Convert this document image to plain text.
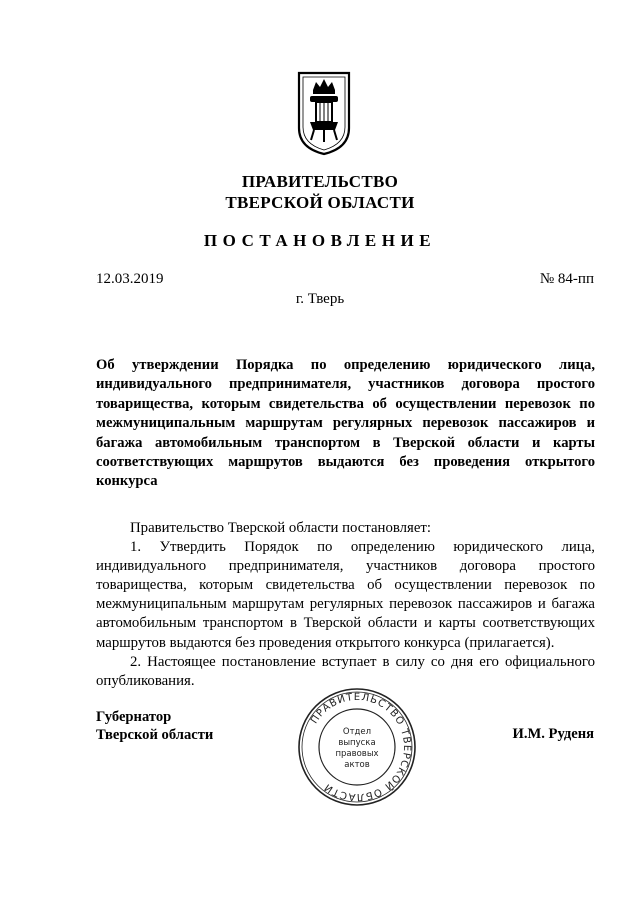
ПРАВИТЕЛЬСТВО
ТВЕРСКОЙ ОБЛАСТИ
ПОСТАНОВЛЕНИЕ
12.03.2019	№ 84-пп
г. Тверь
Об утверждении Порядка по определению юридического лица, индивидуального предпринимателя, участников договора простого товарищества, которым свидетельства об осуществлении перевозок по межмуниципальным маршрутам регулярных перевозок пассажиров и багажа автомобильным транспортом в Тверской области и карты соответствующих маршрутов выдаются без проведения открытого конкурса

Правительство Тверской области постановляет:

1. Утвердить Порядок по определению юридического лица, индивидуального предпринимателя, участников договора простого товарищества, которым свидетельства об осуществлении перевозок по межмуниципальным маршрутам регулярных перевозок пассажиров и багажа автомобильным транспортом в Тверской области и карты соответствующих маршрутов выдаются без проведения открытого конкурса (прилагается).

2. Настоящее постановление вступает в силу со дня его официального опубликования.

Губернатор
Тверской области	И.М. Руденя
ПРАВИТЕЛЬСТВО ТВЕРСКОЙ ОБЛАСТИ
Отдел
выпуска
правовых
актов
